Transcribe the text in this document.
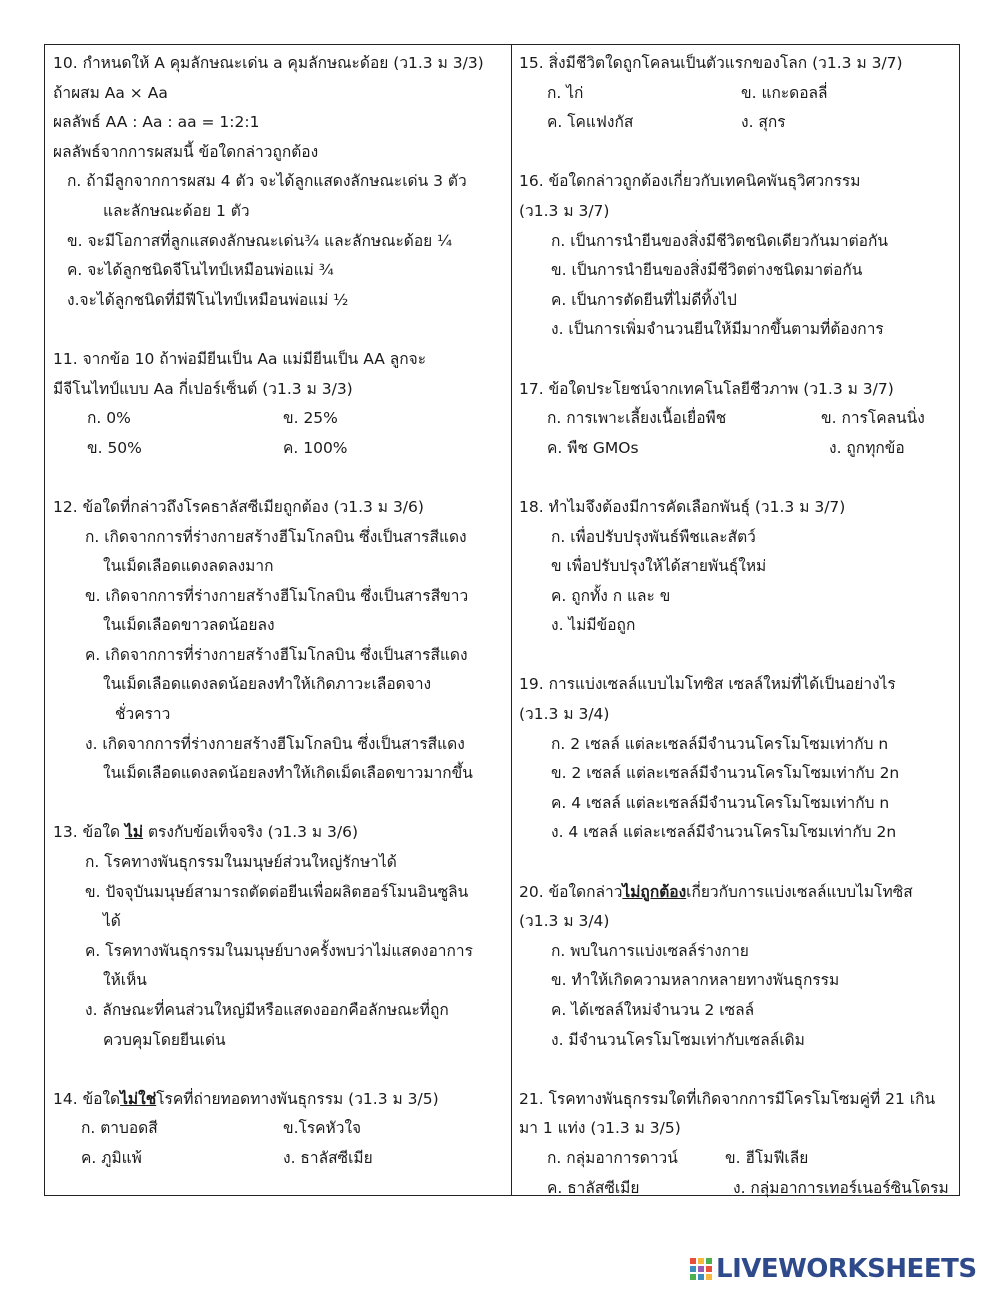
10. กำหนดให้ A คุมลักษณะเด่น a คุมลักษณะด้อย (ว1.3 ม 3/3)
ถ้าผสม Aa × Aa
ผลลัพธ์ AA : Aa : aa = 1:2:1
ผลลัพธ์จากการผสมนี้ ข้อใดกล่าวถูกต้อง
ก. ถ้ามีลูกจากการผสม 4 ตัว จะได้ลูกแสดงลักษณะเด่น 3 ตัว
และลักษณะด้อย 1 ตัว
ข. จะมีโอกาสที่ลูกแสดงลักษณะเด่น¾ และลักษณะด้อย ¼
ค. จะได้ลูกชนิดจีโนไทป์เหมือนพ่อแม่ ¾
ง.จะได้ลูกชนิดที่มีฟีโนไทป์เหมือนพ่อแม่ ½
11. จากข้อ 10 ถ้าพ่อมียีนเป็น Aa แม่มียีนเป็น AA ลูกจะ
มีจีโนไทป์แบบ Aa กี่เปอร์เซ็นต์ (ว1.3 ม 3/3)
ก. 0%	ข. 25%
ข. 50%	ค. 100%
12. ข้อใดที่กล่าวถึงโรคธาลัสซีเมียถูกต้อง (ว1.3 ม 3/6)
ก. เกิดจากการที่ร่างกายสร้างฮีโมโกลบิน ซึ่งเป็นสารสีแดง
ในเม็ดเลือดแดงลดลงมาก
ข. เกิดจากการที่ร่างกายสร้างฮีโมโกลบิน ซึ่งเป็นสารสีขาว
ในเม็ดเลือดขาวลดน้อยลง
ค. เกิดจากการที่ร่างกายสร้างฮีโมโกลบิน ซึ่งเป็นสารสีแดง
ในเม็ดเลือดแดงลดน้อยลงทำให้เกิดภาวะเลือดจาง
ชั่วคราว
ง. เกิดจากการที่ร่างกายสร้างฮีโมโกลบิน ซึ่งเป็นสารสีแดง
ในเม็ดเลือดแดงลดน้อยลงทำให้เกิดเม็ดเลือดขาวมากขึ้น
13. ข้อใด ไม่ ตรงกับข้อเท็จจริง (ว1.3 ม 3/6)
ก. โรคทางพันธุกรรมในมนุษย์ส่วนใหญ่รักษาได้
ข. ปัจจุบันมนุษย์สามารถตัดต่อยีนเพื่อผลิตฮอร์โมนอินซูลิน
ได้
ค. โรคทางพันธุกรรมในมนุษย์บางครั้งพบว่าไม่แสดงอาการ
ให้เห็น
ง. ลักษณะที่คนส่วนใหญ่มีหรือแสดงออกคือลักษณะที่ถูก
ควบคุมโดยยีนเด่น
14. ข้อใดไม่ใช่โรคที่ถ่ายทอดทางพันธุกรรม (ว1.3 ม 3/5)
ก. ตาบอดสี	ข.โรคหัวใจ
ค. ภูมิแพ้	ง. ธาลัสซีเมีย
15. สิ่งมีชีวิตใดถูกโคลนเป็นตัวแรกของโลก (ว1.3 ม 3/7)
ก. ไก่	ข. แกะดอลลี่
ค. โคแฟงกัส	ง. สุกร
16. ข้อใดกล่าวถูกต้องเกี่ยวกับเทคนิคพันธุวิศวกรรม
(ว1.3 ม 3/7)
ก. เป็นการนำยีนของสิ่งมีชีวิตชนิดเดียวกันมาต่อกัน
ข. เป็นการนำยีนของสิ่งมีชีวิตต่างชนิดมาต่อกัน
ค. เป็นการตัดยีนที่ไม่ดีทิ้งไป
ง. เป็นการเพิ่มจำนวนยีนให้มีมากขึ้นตามที่ต้องการ
17. ข้อใดประโยชน์จากเทคโนโลยีชีวภาพ (ว1.3 ม 3/7)
ก. การเพาะเลี้ยงเนื้อเยื่อพืช	ข. การโคลนนิ่ง
ค. พืช GMOs	ง. ถูกทุกข้อ
18. ทำไมจึงต้องมีการคัดเลือกพันธุ์ (ว1.3 ม 3/7)
ก. เพื่อปรับปรุงพันธ์พืชและสัตว์
ข เพื่อปรับปรุงให้ได้สายพันธุ์ใหม่
ค. ถูกทั้ง ก และ ข
ง. ไม่มีข้อถูก
19. การแบ่งเซลล์แบบไมโทซิส เซลล์ใหม่ที่ได้เป็นอย่างไร
(ว1.3 ม 3/4)
ก. 2 เซลล์ แต่ละเซลล์มีจำนวนโครโมโซมเท่ากับ n
ข. 2 เซลล์ แต่ละเซลล์มีจำนวนโครโมโซมเท่ากับ 2n
ค. 4 เซลล์ แต่ละเซลล์มีจำนวนโครโมโซมเท่ากับ n
ง. 4 เซลล์ แต่ละเซลล์มีจำนวนโครโมโซมเท่ากับ 2n
20. ข้อใดกล่าวไม่ถูกต้องเกี่ยวกับการแบ่งเซลล์แบบไมโทซิส
(ว1.3 ม 3/4)
ก. พบในการแบ่งเซลล์ร่างกาย
ข. ทำให้เกิดความหลากหลายทางพันธุกรรม
ค. ได้เซลล์ใหม่จำนวน 2 เซลล์
ง. มีจำนวนโครโมโซมเท่ากับเซลล์เดิม
21. โรคทางพันธุกรรมใดที่เกิดจากการมีโครโมโซมคู่ที่ 21 เกิน
มา 1 แท่ง (ว1.3 ม 3/5)
ก. กลุ่มอาการดาวน์	ข. ฮีโมฟีเลีย
ค. ธาลัสซีเมีย	ง. กลุ่มอาการเทอร์เนอร์ซินโดรม
LIVEWORKSHEETS
